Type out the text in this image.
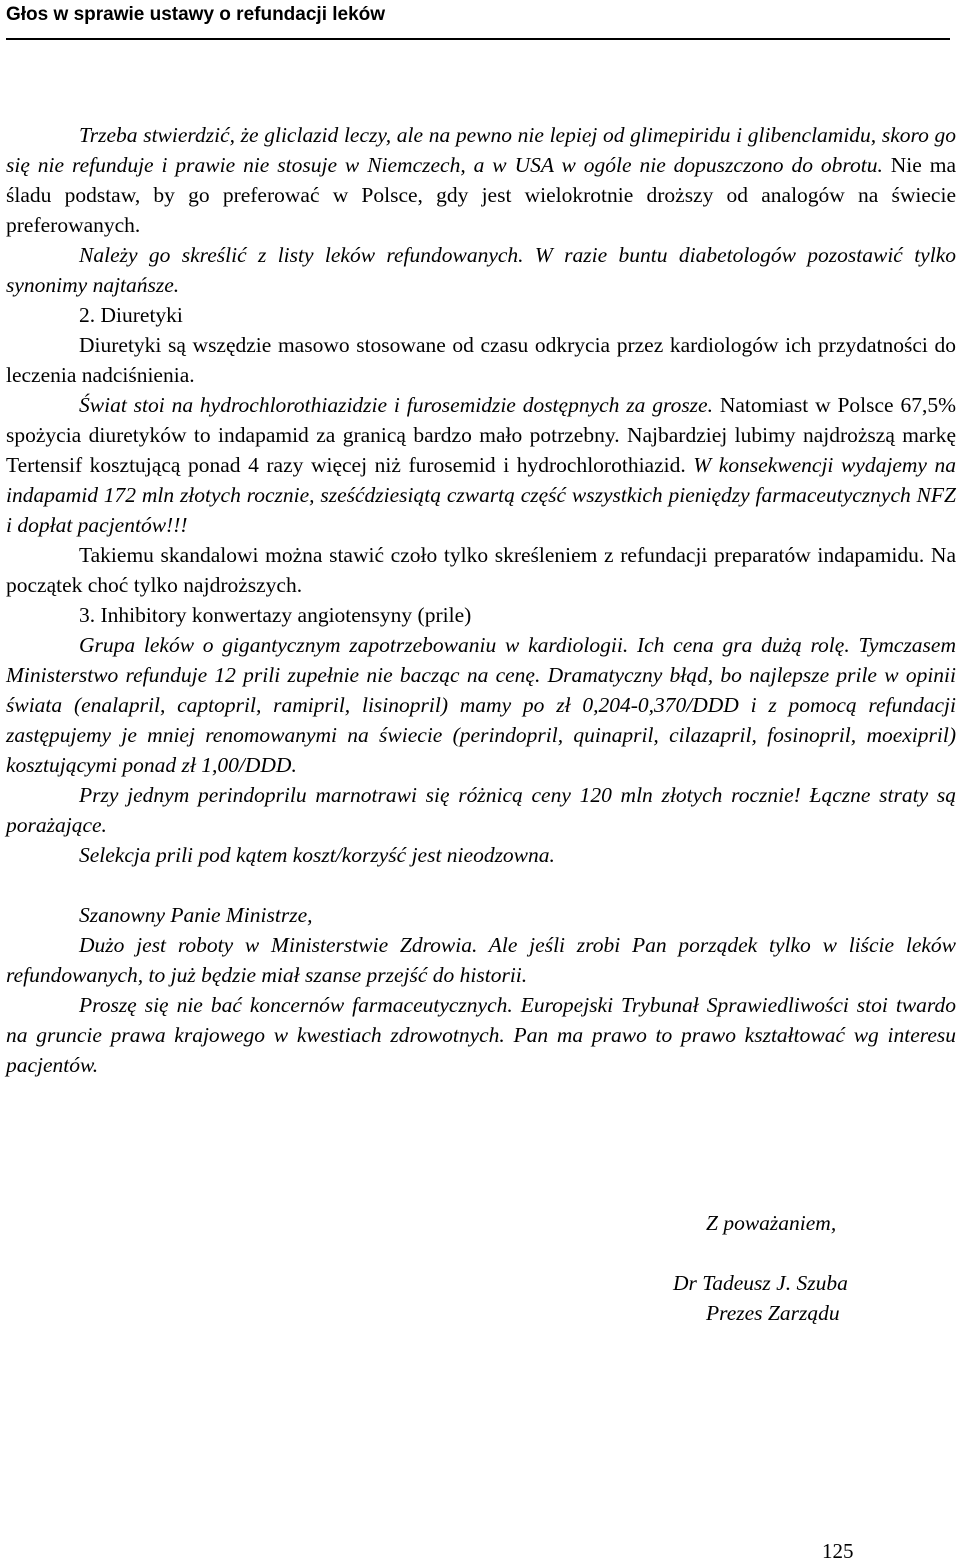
Głos w sprawie ustawy o refundacji leków

Trzeba stwierdzić, że gliclazid leczy, ale na pewno nie lepiej od glimepiridu i glibenclamidu, skoro go się nie refunduje i prawie nie stosuje w Niemczech, a w USA w ogóle nie dopuszczono do obrotu. Nie ma śladu podstaw, by go preferować w Polsce, gdy jest wielokrotnie droższy od analogów na świecie preferowanych.

Należy go skreślić z listy leków refundowanych. W razie buntu diabetologów pozostawić tylko synonimy najtańsze.

2. Diuretyki

Diuretyki są wszędzie masowo stosowane od czasu odkrycia przez kardiologów ich przydatności do leczenia nadciśnienia.

Świat stoi na hydrochlorothiazidzie i furosemidzie dostępnych za grosze. Natomiast w Polsce 67,5% spożycia diuretyków to indapamid za granicą bardzo mało potrzebny. Najbardziej lubimy najdroższą markę Tertensif kosztującą ponad 4 razy więcej niż furosemid i hydrochlorothiazid. W konsekwencji wydajemy na indapamid 172 mln złotych rocznie, sześćdziesiątą czwartą część wszystkich pieniędzy farmaceutycznych NFZ i dopłat pacjentów!!!

Takiemu skandalowi można stawić czoło tylko skreśleniem z refundacji preparatów indapamidu. Na początek choć tylko najdroższych.

3. Inhibitory konwertazy angiotensyny (prile)

Grupa leków o gigantycznym zapotrzebowaniu w kardiologii. Ich cena gra dużą rolę. Tymczasem Ministerstwo refunduje 12 prili zupełnie nie bacząc na cenę. Dramatyczny błąd, bo najlepsze prile w opinii świata (enalapril, captopril, ramipril, lisinopril) mamy po zł 0,204-0,370/DDD i z pomocą refundacji zastępujemy je mniej renomowanymi na świecie (perindopril, quinapril, cilazapril, fosinopril, moexipril) kosztującymi ponad zł 1,00/DDD.

Przy jednym perindoprilu marnotrawi się różnicą ceny 120 mln złotych rocznie! Łączne straty są porażające.

Selekcja prili pod kątem koszt/korzyść jest nieodzowna.

Szanowny Panie Ministrze,

Dużo jest roboty w Ministerstwie Zdrowia. Ale jeśli zrobi Pan porządek tylko w liście leków refundowanych, to już będzie miał szanse przejść do historii.

Proszę się nie bać koncernów farmaceutycznych. Europejski Trybunał Sprawiedliwości stoi twardo na gruncie prawa krajowego w kwestiach zdrowotnych. Pan ma prawo to prawo kształtować wg interesu pacjentów.

Z poważaniem,
Dr Tadeusz J. Szuba
Prezes Zarządu
125
